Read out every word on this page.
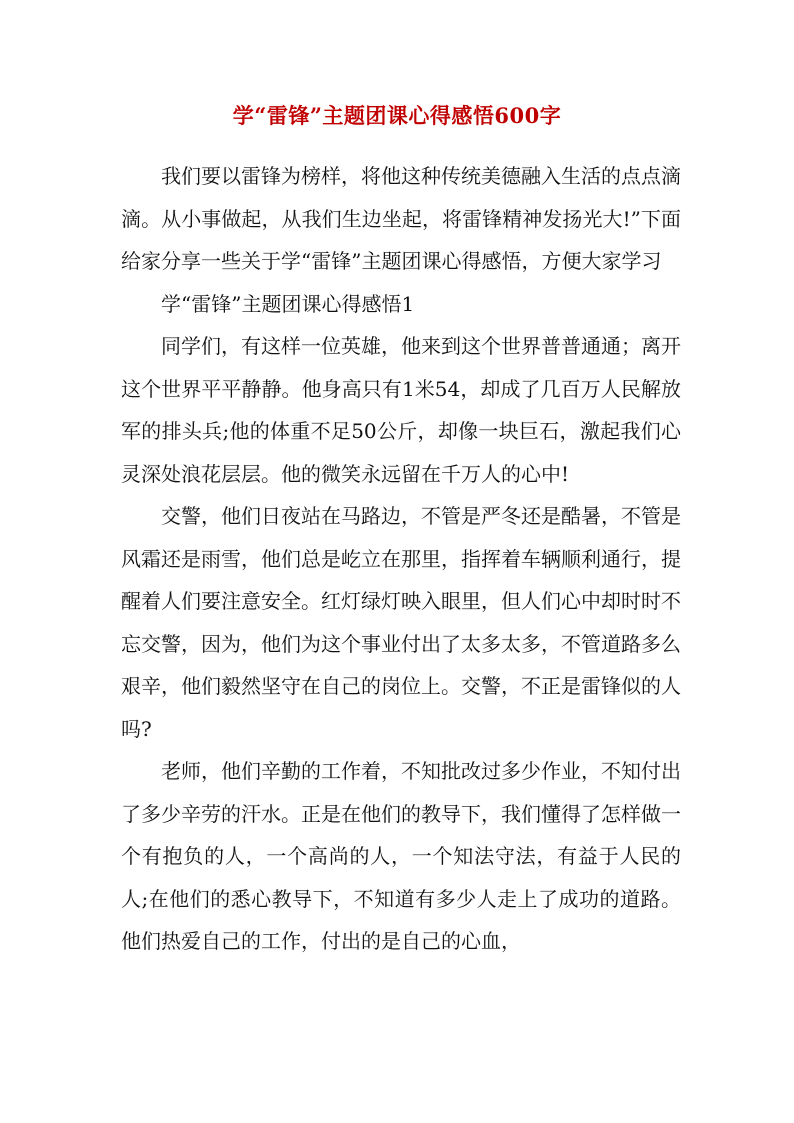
学“雷锋”主题团课心得感悟600字

我们要以雷锋为榜样，将他这种传统美德融入生活的点点滴滴。从小事做起，从我们生边坐起，将雷锋精神发扬光大!”下面给家分享一些关于学“雷锋”主题团课心得感悟，方便大家学习

学“雷锋”主题团课心得感悟1

同学们，有这样一位英雄，他来到这个世界普普通通；离开这个世界平平静静。他身高只有1米54，却成了几百万人民解放军的排头兵;他的体重不足50公斤，却像一块巨石，激起我们心灵深处浪花层层。他的微笑永远留在千万人的心中!

交警，他们日夜站在马路边，不管是严冬还是酷暑，不管是风霜还是雨雪，他们总是屹立在那里，指挥着车辆顺利通行，提醒着人们要注意安全。红灯绿灯映入眼里，但人们心中却时时不忘交警，因为，他们为这个事业付出了太多太多，不管道路多么艰辛，他们毅然坚守在自己的岗位上。交警，不正是雷锋似的人吗?

老师，他们辛勤的工作着，不知批改过多少作业，不知付出了多少辛劳的汗水。正是在他们的教导下，我们懂得了怎样做一个有抱负的人，一个高尚的人，一个知法守法，有益于人民的人;在他们的悉心教导下，不知道有多少人走上了成功的道路。他们热爱自己的工作，付出的是自己的心血，
